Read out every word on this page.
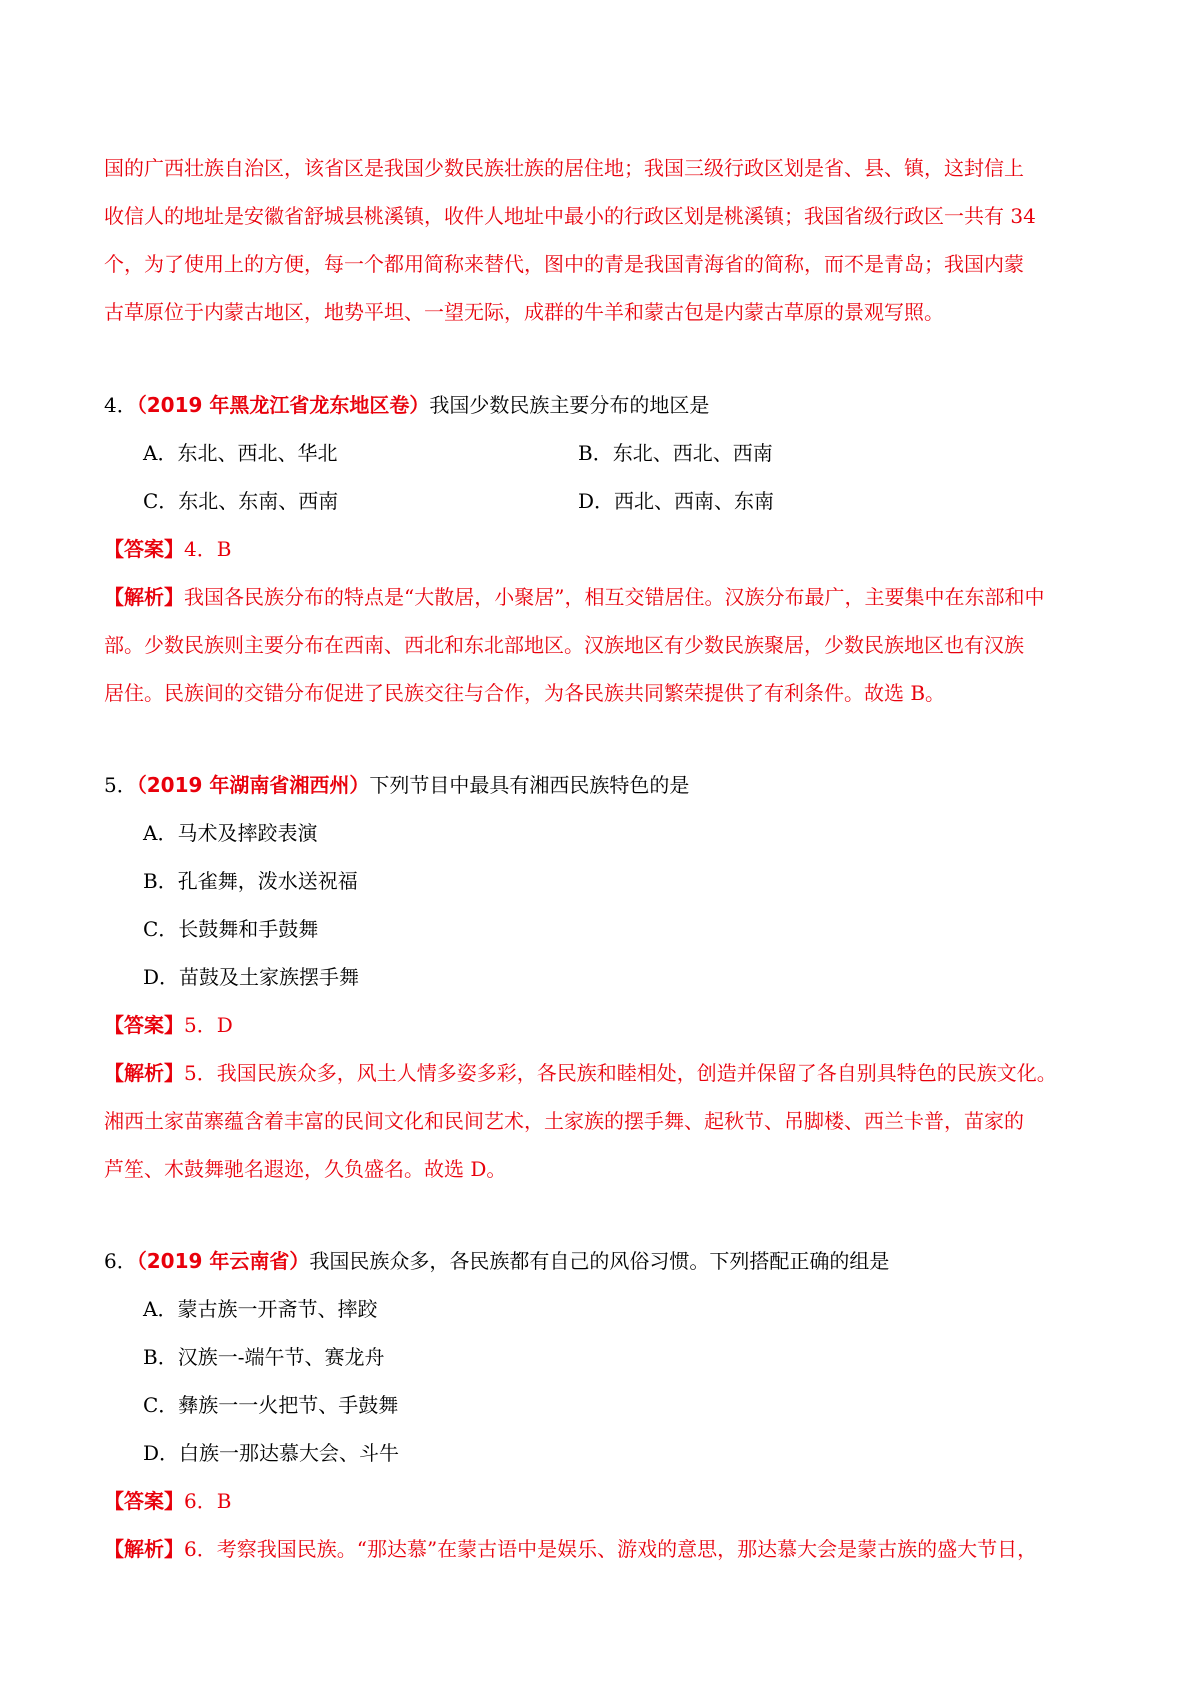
国的广西壮族自治区，该省区是我国少数民族壮族的居住地；我国三级行政区划是省、县、镇，这封信上
收信人的地址是安徽省舒城县桃溪镇，收件人地址中最小的行政区划是桃溪镇；我国省级行政区一共有 34
个，为了使用上的方便，每一个都用简称来替代，图中的青是我国青海省的简称，而不是青岛；我国内蒙
古草原位于内蒙古地区，地势平坦、一望无际，成群的牛羊和蒙古包是内蒙古草原的景观写照。
4．（2019 年黑龙江省龙东地区卷）我国少数民族主要分布的地区是
A．东北、西北、华北	B．东北、西北、西南
C．东北、东南、西南	D．西北、西南、东南
【答案】4．B
【解析】我国各民族分布的特点是“大散居，小聚居”，相互交错居住。汉族分布最广，主要集中在东部和中
部。少数民族则主要分布在西南、西北和东北部地区。汉族地区有少数民族聚居，少数民族地区也有汉族
居住。民族间的交错分布促进了民族交往与合作，为各民族共同繁荣提供了有利条件。故选 B。
5．（2019 年湖南省湘西州）下列节目中最具有湘西民族特色的是
A．马术及摔跤表演
B．孔雀舞，泼水送祝福
C．长鼓舞和手鼓舞
D．苗鼓及土家族摆手舞
【答案】5．D
【解析】5．我国民族众多，风土人情多姿多彩，各民族和睦相处，创造并保留了各自别具特色的民族文化。
湘西土家苗寨蕴含着丰富的民间文化和民间艺术，土家族的摆手舞、起秋节、吊脚楼、西兰卡普，苗家的
芦笙、木鼓舞驰名遐迩，久负盛名。故选 D。
6．（2019 年云南省）我国民族众多，各民族都有自己的风俗习惯。下列搭配正确的组是
A．蒙古族一开斋节、摔跤
B．汉族一-端午节、赛龙舟
C．彝族一一火把节、手鼓舞
D．白族一那达慕大会、斗牛
【答案】6．B
【解析】6．考察我国民族。“那达慕”在蒙古语中是娱乐、游戏的意思，那达慕大会是蒙古族的盛大节日，
